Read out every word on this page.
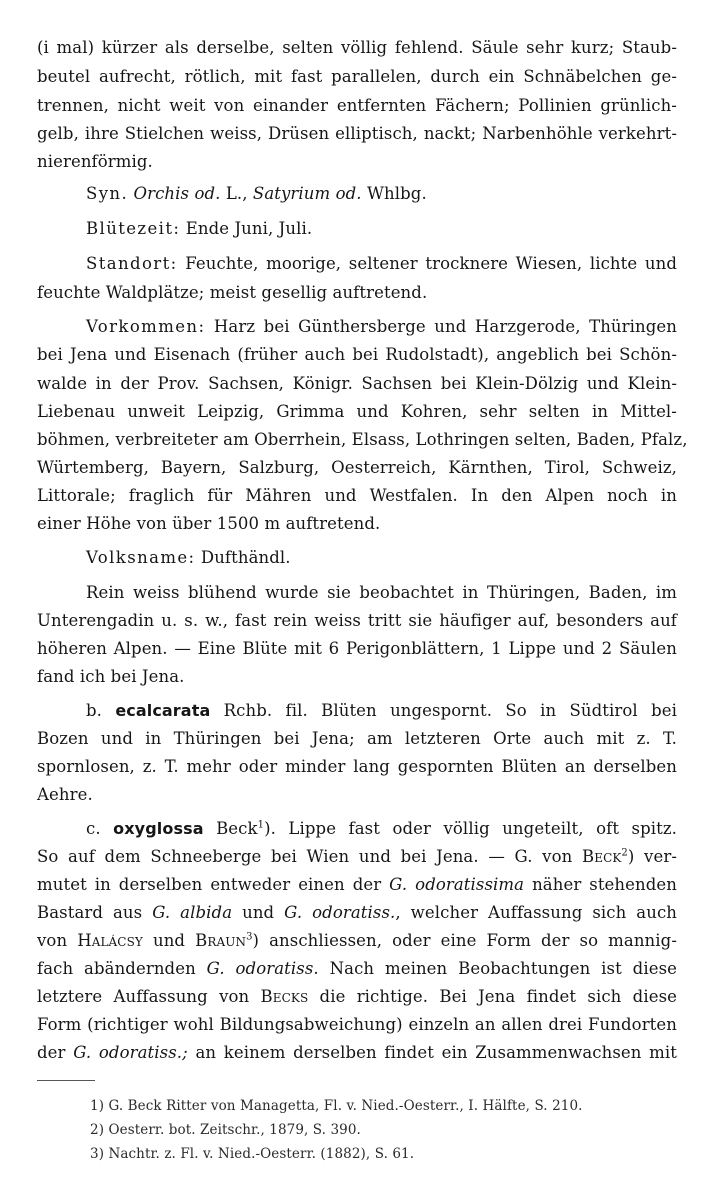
(i mal) kürzer als derselbe, selten völlig fehlend. Säule sehr kurz; Staub-
beutel aufrecht, rötlich, mit fast parallelen, durch ein Schnäbelchen ge-
trennen, nicht weit von einander entfernten Fächern; Pollinien grünlich-
gelb, ihre Stielchen weiss, Drüsen elliptisch, nackt; Narbenhöhle verkehrt-
nierenförmig.
Syn. Orchis od. L., Satyrium od. Whlbg.
Blütezeit: Ende Juni, Juli.
Standort: Feuchte, moorige, seltener trocknere Wiesen, lichte und
feuchte Waldplätze; meist gesellig auftretend.
Vorkommen: Harz bei Günthersberge und Harzgerode, Thüringen
bei Jena und Eisenach (früher auch bei Rudolstadt), angeblich bei Schön-
walde in der Prov. Sachsen, Königr. Sachsen bei Klein-Dölzig und Klein-
Liebenau unweit Leipzig, Grimma und Kohren, sehr selten in Mittel-
böhmen, verbreiteter am Oberrhein, Elsass, Lothringen selten, Baden, Pfalz,
Würtemberg, Bayern, Salzburg, Oesterreich, Kärnthen, Tirol, Schweiz,
Littorale; fraglich für Mähren und Westfalen. In den Alpen noch in
einer Höhe von über 1500 m auftretend.
Volksname: Dufthändl.
Rein weiss blühend wurde sie beobachtet in Thüringen, Baden, im
Unterengadin u. s. w., fast rein weiss tritt sie häufiger auf, besonders auf
höheren Alpen. — Eine Blüte mit 6 Perigonblättern, 1 Lippe und 2 Säulen
fand ich bei Jena.
b. ecalcarata Rchb. fil. Blüten ungespornt. So in Südtirol bei
Bozen und in Thüringen bei Jena; am letzteren Orte auch mit z. T.
spornlosen, z. T. mehr oder minder lang gespornten Blüten an derselben
Aehre.
c. oxyglossa Beck$^1$). Lippe fast oder völlig ungeteilt, oft spitz.
So auf dem Schneeberge bei Wien und bei Jena. — G. von Beck$^2$) ver-
mutet in derselben entweder einen der G. odoratissima näher stehenden
Bastard aus G. albida und G. odoratiss., welcher Auffassung sich auch
von Halácsy und Braun$^3$) anschliessen, oder eine Form der so mannig-
fach abändernden G. odoratiss. Nach meinen Beobachtungen ist diese
letztere Auffassung von Becks die richtige. Bei Jena findet sich diese
Form (richtiger wohl Bildungsabweichung) einzeln an allen drei Fundorten
der G. odoratiss.; an keinem derselben findet ein Zusammenwachsen mit
1) G. Beck Ritter von Managetta, Fl. v. Nied.-Oesterr., I. Hälfte, S. 210.
2) Oesterr. bot. Zeitschr., 1879, S. 390.
3) Nachtr. z. Fl. v. Nied.-Oesterr. (1882), S. 61.
